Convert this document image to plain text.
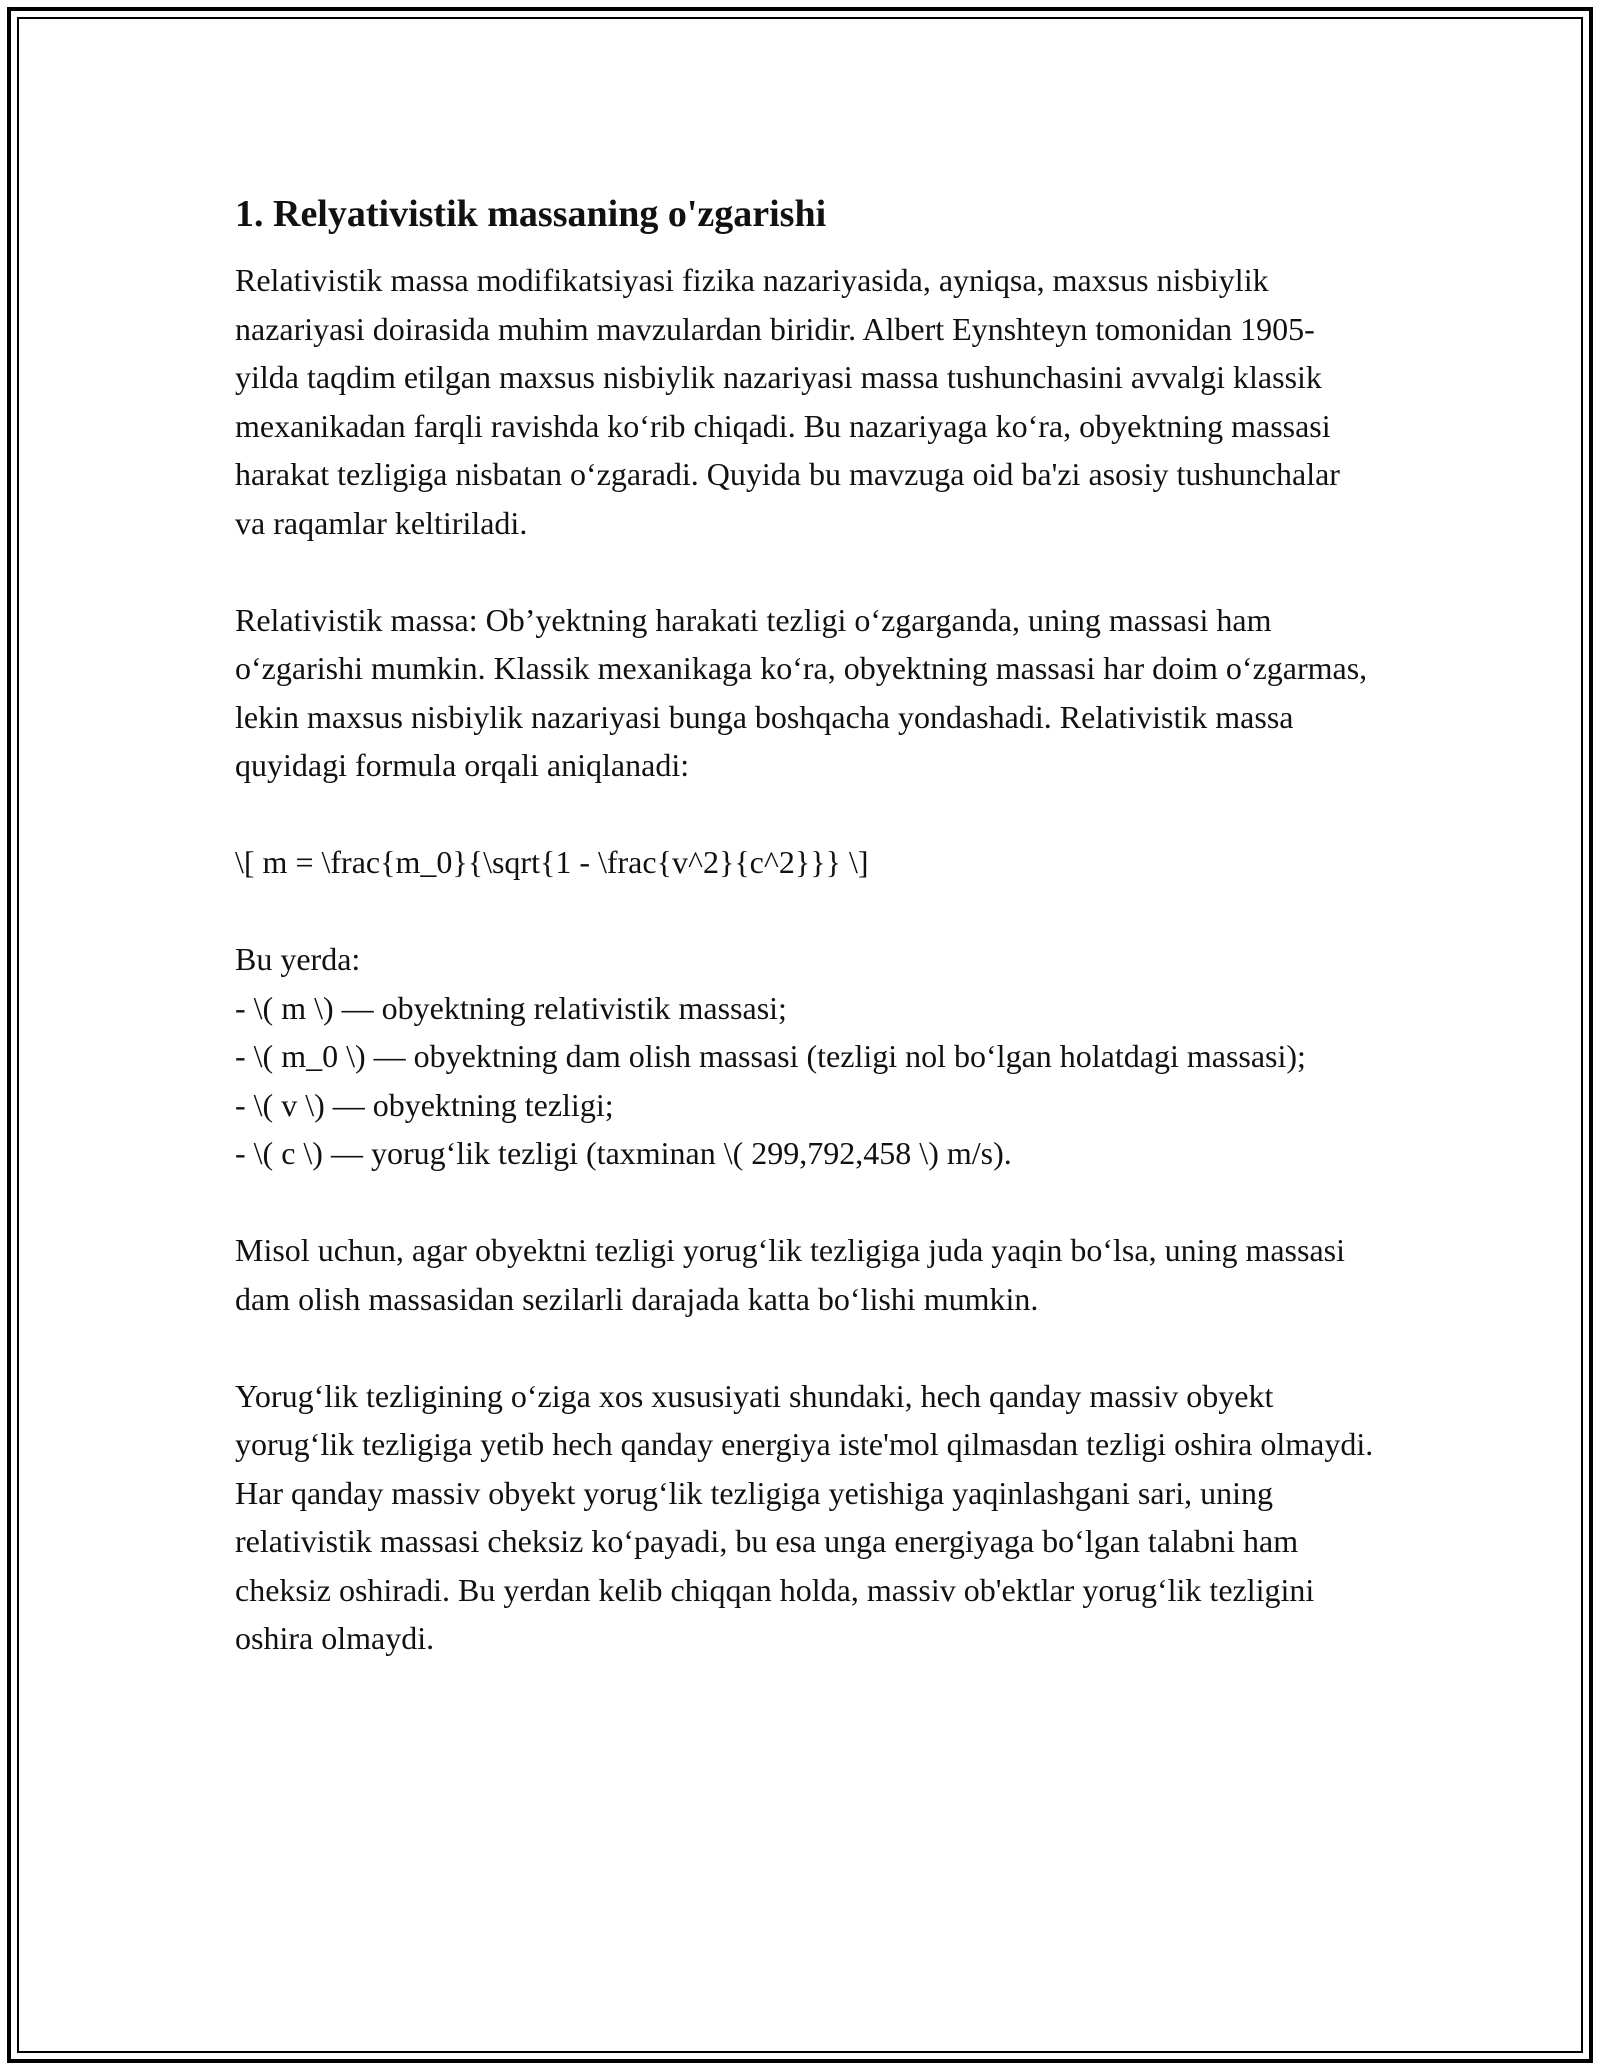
1. Relyativistik massaning o'zgarishi

Relativistik massa modifikatsiyasi fizika nazariyasida, ayniqsa, maxsus nisbiylik nazariyasi doirasida muhim mavzulardan biridir. Albert Eynshteyn tomonidan 1905-yilda taqdim etilgan maxsus nisbiylik nazariyasi massa tushunchasini avvalgi klassik mexanikadan farqli ravishda koʻrib chiqadi. Bu nazariyaga koʻra, obyektning massasi harakat tezligiga nisbatan oʻzgaradi. Quyida bu mavzuga oid ba'zi asosiy tushunchalar va raqamlar keltiriladi.

Relativistik massa: Ob’yektning harakati tezligi oʻzgarganda, uning massasi ham oʻzgarishi mumkin. Klassik mexanikaga koʻra, obyektning massasi har doim oʻzgarmas, lekin maxsus nisbiylik nazariyasi bunga boshqacha yondashadi. Relativistik massa quyidagi formula orqali aniqlanadi:

\[ m = \frac{m_0}{\sqrt{1 - \frac{v^2}{c^2}}} \]

Bu yerda:
- \( m \) — obyektning relativistik massasi;
- \( m_0 \) — obyektning dam olish massasi (tezligi nol boʻlgan holatdagi massasi);
- \( v \) — obyektning tezligi;
- \( c \) — yorugʻlik tezligi (taxminan \( 299,792,458 \) m/s).

Misol uchun, agar obyektni tezligi yorugʻlik tezligiga juda yaqin boʻlsa, uning massasi dam olish massasidan sezilarli darajada katta boʻlishi mumkin.

Yorugʻlik tezligining oʻziga xos xususiyati shundaki, hech qanday massiv obyekt yorugʻlik tezligiga yetib hech qanday energiya iste'mol qilmasdan tezligi oshira olmaydi. Har qanday massiv obyekt yorugʻlik tezligiga yetishiga yaqinlashgani sari, uning relativistik massasi cheksiz koʻpayadi, bu esa unga energiyaga boʻlgan talabni ham cheksiz oshiradi. Bu yerdan kelib chiqqan holda, massiv ob'ektlar yorugʻlik tezligini oshira olmaydi.
